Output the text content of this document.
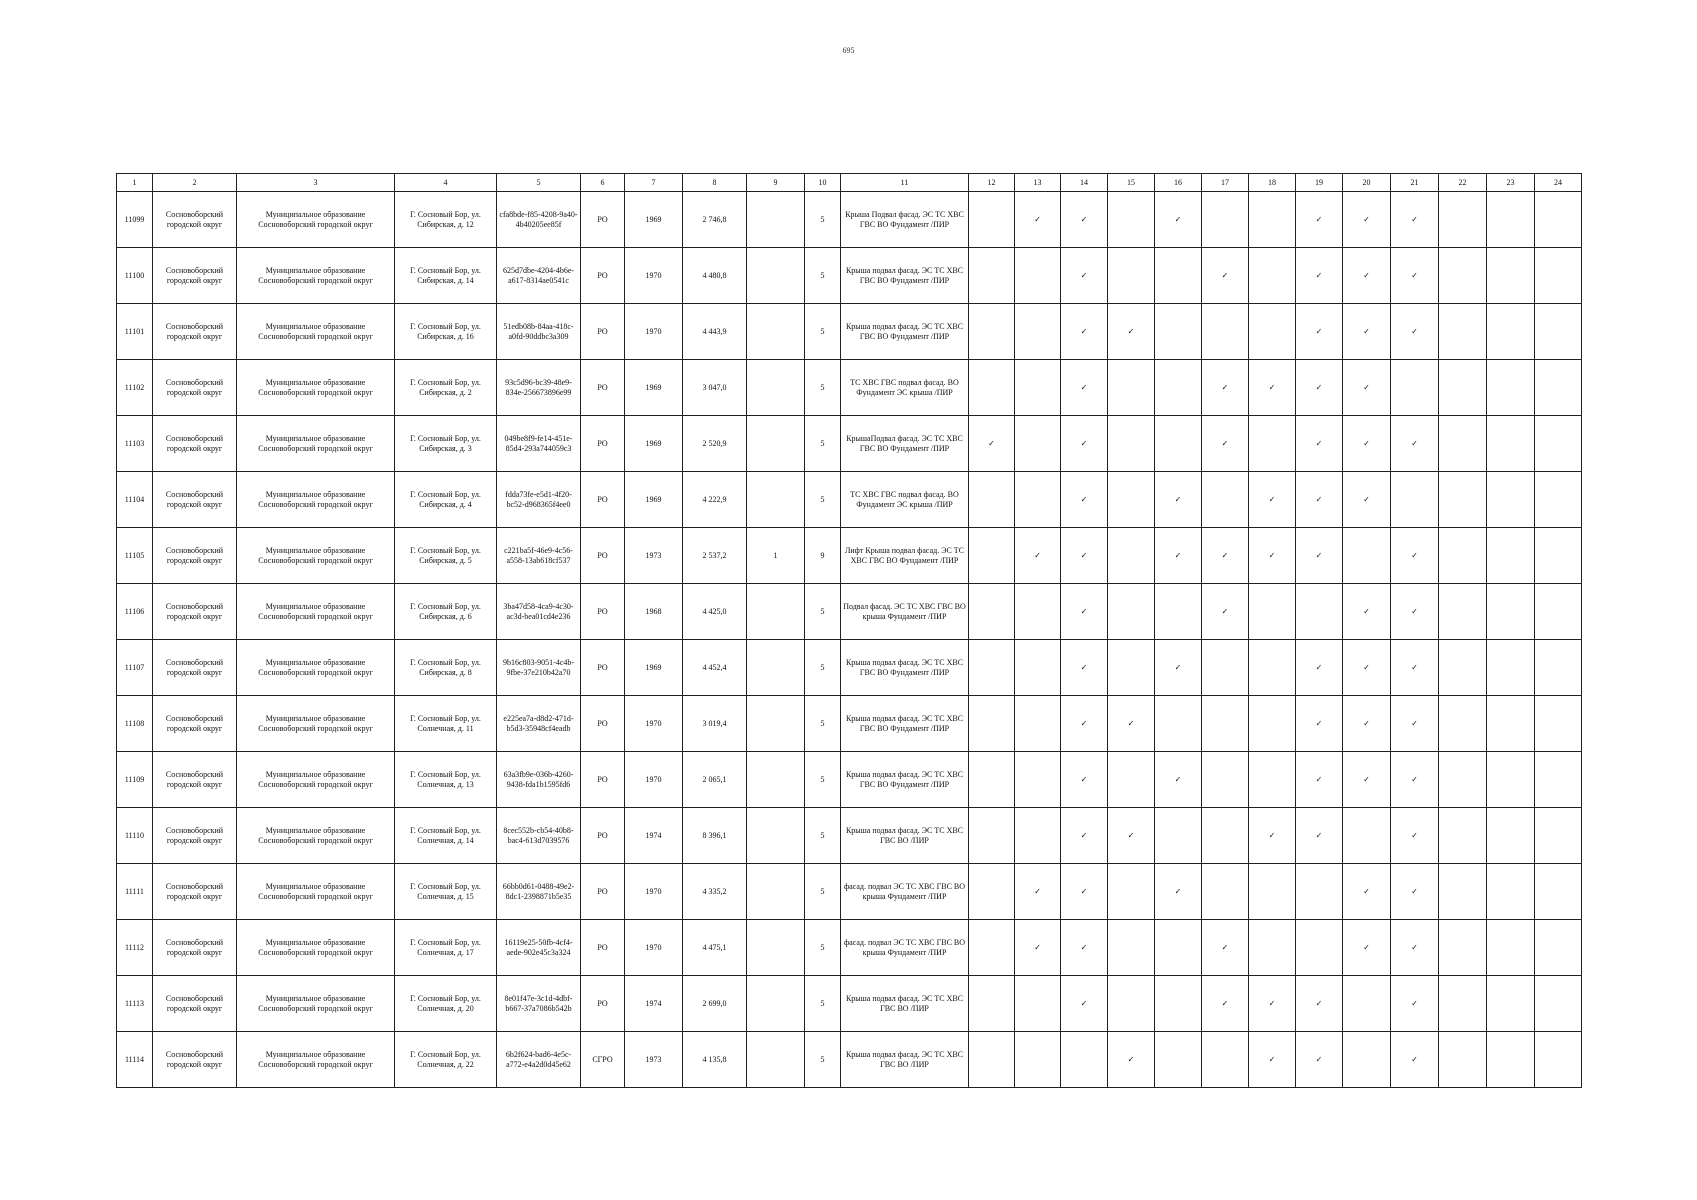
695
1	2	3	4	5	6	7	8	9	10	11	12	13	14	15	16	17	18	19	20	21	22	23	24
11099	Сосновоборский городской округ	Муниципальное образование Сосновоборский городской округ	Г. Сосновый Бор, ул. Сибирская, д. 12	cfa8bde-f85-4208-9a40-4b40205ee85f	РО	1969	2 746,8		5	Крыша Подвал фасад. ЭС ТС ХВС ГВС ВО Фундамент /ПИР		✓	✓		✓			✓	✓	✓			
11100	Сосновоборский городской округ	Муниципальное образование Сосновоборский городской округ	Г. Сосновый Бор, ул. Сибирская, д. 14	625d7dbe-4204-4b6e-a617-8314ae0541c	РО	1970	4 480,8		5	Крыша подвал фасад. ЭС ТС ХВС ГВС ВО Фундамент /ПИР			✓			✓		✓	✓	✓			
11101	Сосновоборский городской округ	Муниципальное образование Сосновоборский городской округ	Г. Сосновый Бор, ул. Сибирская, д. 16	51edb08b-84aa-418c-a0fd-90ddbc3a309	РО	1970	4 443,9		5	Крыша подвал фасад. ЭС ТС ХВС ГВС ВО Фундамент /ПИР			✓	✓				✓	✓	✓			
11102	Сосновоборский городской округ	Муниципальное образование Сосновоборский городской округ	Г. Сосновый Бор, ул. Сибирская, д. 2	93c5d96-bc39-48e9-834e-256673896e99	РО	1969	3 047,0		5	ТС ХВС ГВС подвал фасад. ВО Фундамент ЭС крыша /ПИР			✓			✓	✓	✓	✓				
11103	Сосновоборский городской округ	Муниципальное образование Сосновоборский городской округ	Г. Сосновый Бор, ул. Сибирская, д. 3	049be8f9-fe14-451e-85d4-293a744059c3	РО	1969	2 520,9		5	КрышаПодвал фасад. ЭС ТС ХВС ГВС ВО Фундамент /ПИР	✓		✓			✓		✓	✓	✓			
11104	Сосновоборский городской округ	Муниципальное образование Сосновоборский городской округ	Г. Сосновый Бор, ул. Сибирская, д. 4	fdda73fe-e5d1-4f20-bc52-d968365f4ee0	РО	1969	4 222,9		5	ТС ХВС ГВС подвал фасад. ВО Фундамент ЭС крыша /ПИР			✓		✓		✓	✓	✓				
11105	Сосновоборский городской округ	Муниципальное образование Сосновоборский городской округ	Г. Сосновый Бор, ул. Сибирская, д. 5	c221ba5f-46e9-4c56-a558-13ab618cf537	РО	1973	2 537,2	1	9	Лифт Крыша подвал фасад. ЭС ТС ХВС ГВС ВО Фундамент /ПИР		✓	✓		✓	✓	✓	✓		✓			
11106	Сосновоборский городской округ	Муниципальное образование Сосновоборский городской округ	Г. Сосновый Бор, ул. Сибирская, д. 6	3ba47d58-4ca9-4c30-ac3d-bea01cd4e236	РО	1968	4 425,0		5	Подвал фасад. ЭС ТС ХВС ГВС ВО крыша Фундамент /ПИР			✓			✓			✓	✓			
11107	Сосновоборский городской округ	Муниципальное образование Сосновоборский городской округ	Г. Сосновый Бор, ул. Сибирская, д. 8	9b16c803-9051-4c4b-9fbe-37e210b42a70	РО	1969	4 452,4		5	Крыша подвал фасад. ЭС ТС ХВС ГВС ВО Фундамент /ПИР			✓		✓			✓	✓	✓			
11108	Сосновоборский городской округ	Муниципальное образование Сосновоборский городской округ	Г. Сосновый Бор, ул. Солнечная, д. 11	e225ea7a-d8d2-471d-b5d3-35948cf4eadb	РО	1970	3 019,4		5	Крыша подвал фасад. ЭС ТС ХВС ГВС ВО Фундамент /ПИР			✓	✓				✓	✓	✓			
11109	Сосновоборский городской округ	Муниципальное образование Сосновоборский городской округ	Г. Сосновый Бор, ул. Солнечная, д. 13	63a3fb9e-036b-4260-9438-fda1b1595fd6	РО	1970	2 065,1		5	Крыша подвал фасад. ЭС ТС ХВС ГВС ВО Фундамент /ПИР			✓		✓			✓	✓	✓			
11110	Сосновоборский городской округ	Муниципальное образование Сосновоборский городской округ	Г. Сосновый Бор, ул. Солнечная, д. 14	8cec552b-cb54-40b8-bac4-613d7039576	РО	1974	8 396,1		5	Крыша подвал фасад. ЭС ТС ХВС ГВС ВО /ПИР			✓	✓			✓	✓		✓			
11111	Сосновоборский городской округ	Муниципальное образование Сосновоборский городской округ	Г. Сосновый Бор, ул. Солнечная, д. 15	66bb0d61-0488-49e2-8dc1-2398871b5e35	РО	1970	4 335,2		5	фасад. подвал ЭС ТС ХВС ГВС ВО крыша Фундамент /ПИР		✓	✓		✓				✓	✓			
11112	Сосновоборский городской округ	Муниципальное образование Сосновоборский городской округ	Г. Сосновый Бор, ул. Солнечная, д. 17	16119e25-50fb-4cf4-aede-902e45c3a324	РО	1970	4 475,1		5	фасад. подвал ЭС ТС ХВС ГВС ВО крыша Фундамент /ПИР		✓	✓			✓			✓	✓			
11113	Сосновоборский городской округ	Муниципальное образование Сосновоборский городской округ	Г. Сосновый Бор, ул. Солнечная, д. 20	8e01f47e-3c1d-4dbf-b667-37a7086b542b	РО	1974	2 699,0		5	Крыша подвал фасад. ЭС ТС ХВС ГВС ВО /ПИР			✓			✓	✓	✓		✓			
11114	Сосновоборский городской округ	Муниципальное образование Сосновоборский городской округ	Г. Сосновый Бор, ул. Солнечная, д. 22	6b2f624-bad6-4e5c-a772-e4a2d0d45e62	СГРО	1973	4 135,8		5	Крыша подвал фасад. ЭС ТС ХВС ГВС ВО /ПИР				✓			✓	✓		✓			
